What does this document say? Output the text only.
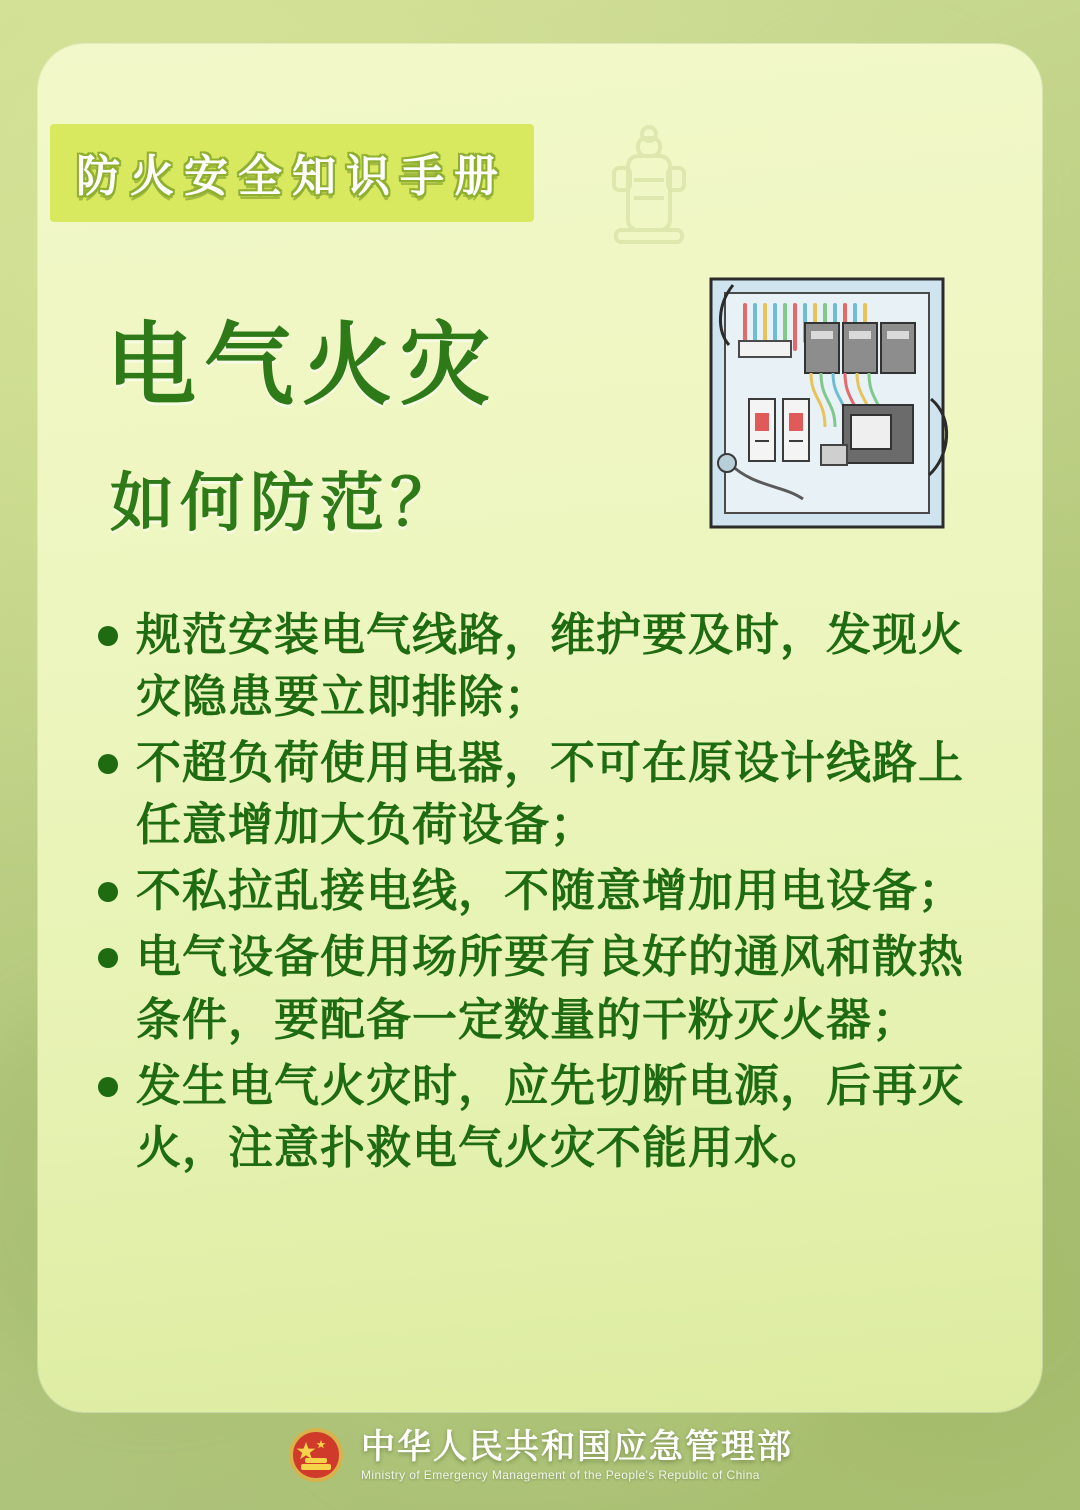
防火安全知识手册
电气火灾
如何防范？
规范安装电气线路，维护要及时，发现火灾隐患要立即排除；
不超负荷使用电器，不可在原设计线路上任意增加大负荷设备；
不私拉乱接电线，不随意增加用电设备；
电气设备使用场所要有良好的通风和散热条件，要配备一定数量的干粉灭火器；
发生电气火灾时，应先切断电源，后再灭火，注意扑救电气火灾不能用水。
中华人民共和国应急管理部
Ministry of Emergency Management of the People's Republic of China
